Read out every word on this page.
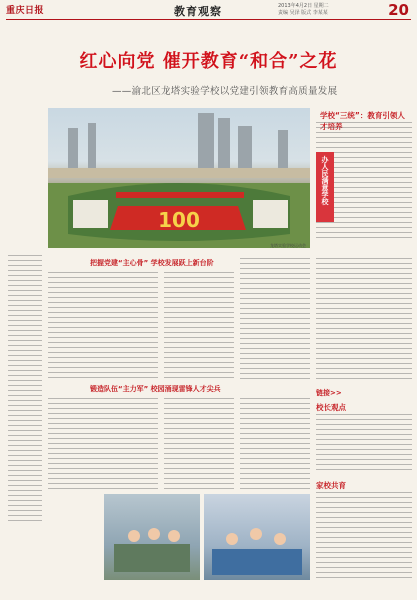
重庆日报	教育观察	2013年4月2日 星期二
责编 吴泽 版式 李某某	20
红心向党 催开教育“和合”之花
——渝北区龙塔实验学校以党建引领教育高质量发展
100
龙塔实验学校运动会
把握党建“主心骨” 学校发展跃上新台阶
锻造队伍“主力军” 校园涌现雷锋人才尖兵
学校“三统”：教育引领人才培养
办人民满意学校
链接>>
校长观点
家校共育
